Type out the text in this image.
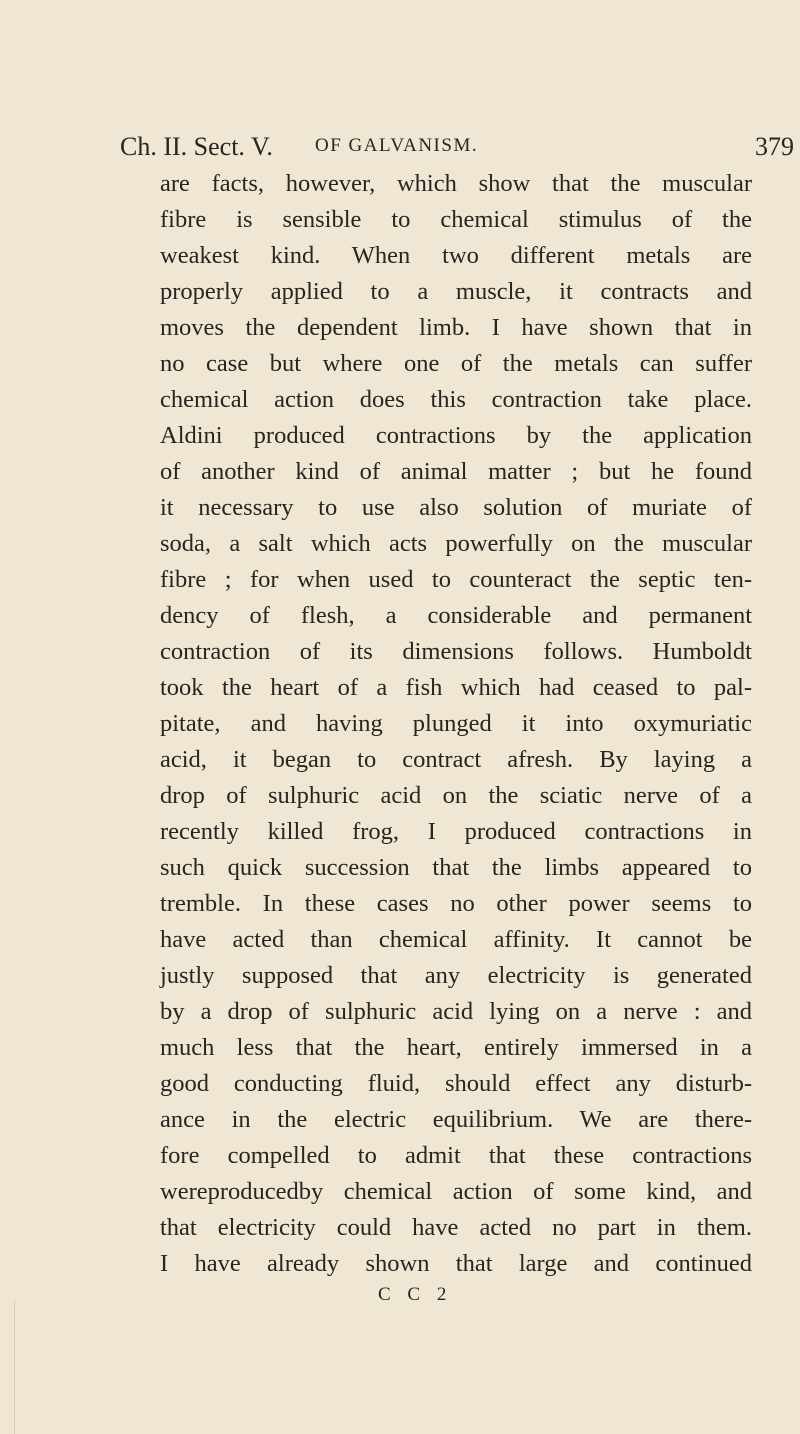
Ch. II. Sect. V. OF GALVANISM.	379
are facts, however, which show that the muscular
fibre is sensible to chemical stimulus of the
weakest kind. When two different metals are
properly applied to a muscle, it contracts and
moves the dependent limb. I have shown that in
no case but where one of the metals can suffer
chemical action does this contraction take place.
Aldini produced contractions by the application
of another kind of animal matter ; but he found
it necessary to use also solution of muriate of
soda, a salt which acts powerfully on the muscular
fibre ; for when used to counteract the septic ten-
dency of flesh, a considerable and permanent
contraction of its dimensions follows. Humboldt
took the heart of a fish which had ceased to pal-
pitate, and having plunged it into oxymuriatic
acid, it began to contract afresh. By laying a
drop of sulphuric acid on the sciatic nerve of a
recently killed frog, I produced contractions in
such quick succession that the limbs appeared to
tremble. In these cases no other power seems to
have acted than chemical affinity. It cannot be
justly supposed that any electricity is generated
by a drop of sulphuric acid lying on a nerve : and
much less that the heart, entirely immersed in a
good conducting fluid, should effect any disturb-
ance in the electric equilibrium. We are there-
fore compelled to admit that these contractions
wereproducedby chemical action of some kind, and
that electricity could have acted no part in them.
I have already shown that large and continued
C C 2
